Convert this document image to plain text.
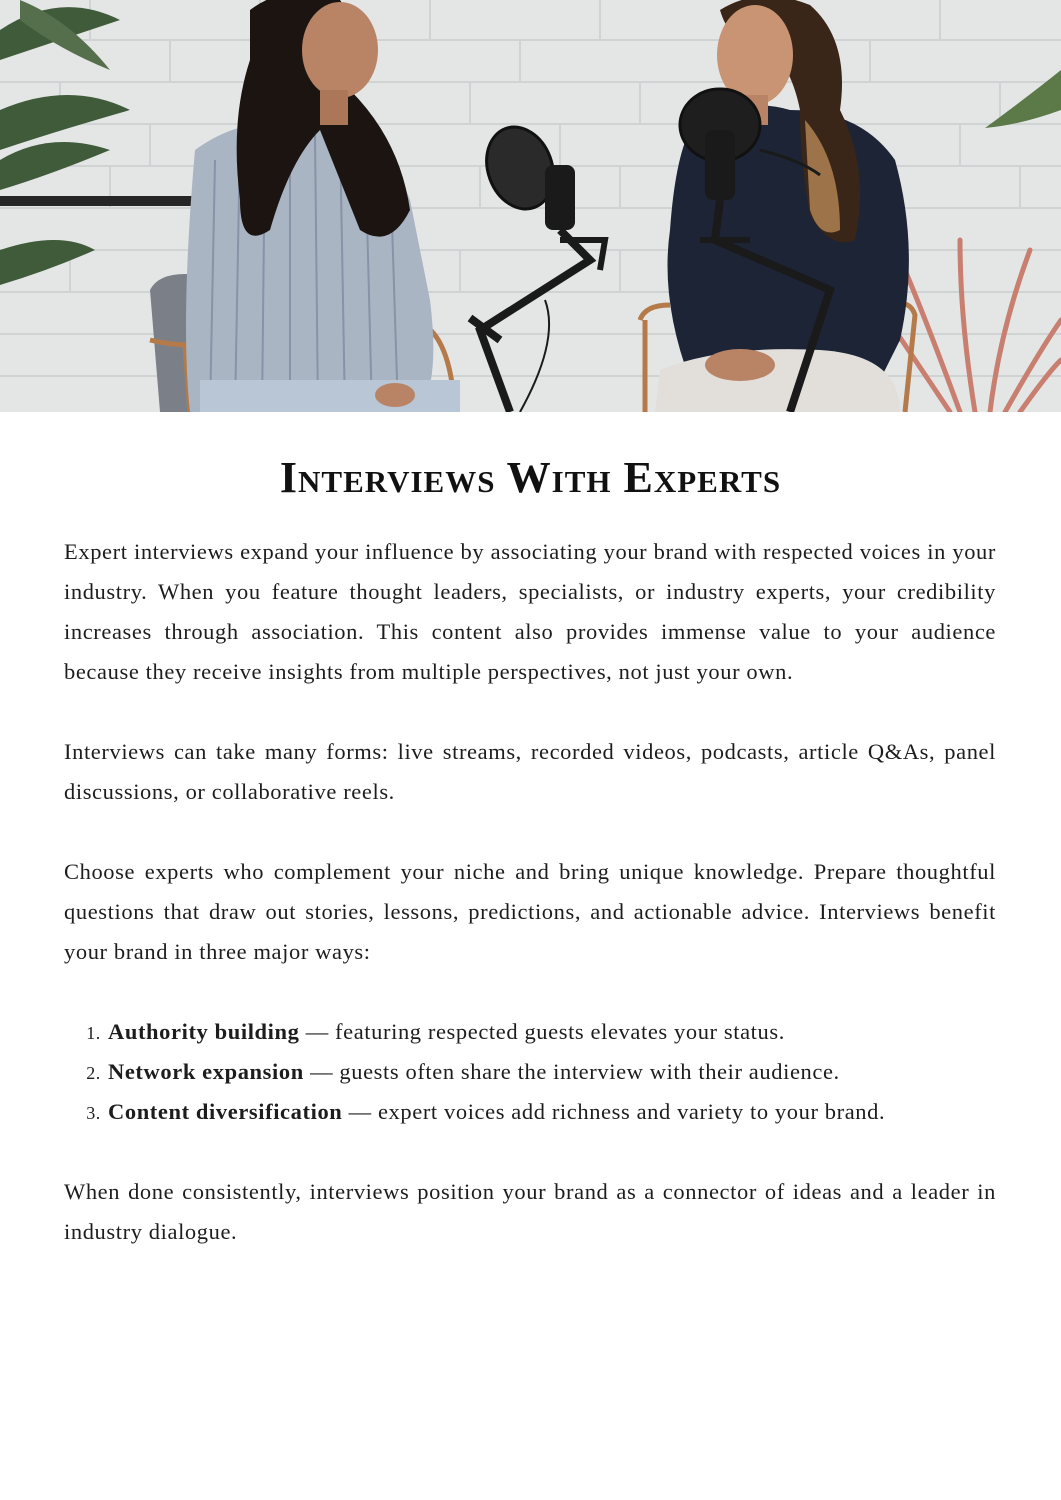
Interviews With Experts

Expert interviews expand your influence by associating your brand with respected voices in your industry. When you feature thought leaders, specialists, or industry experts, your credibility increases through association. This content also provides immense value to your audience because they receive insights from multiple perspectives, not just your own.

Interviews can take many forms: live streams, recorded videos, podcasts, article Q&As, panel discussions, or collaborative reels.

Choose experts who complement your niche and bring unique knowledge. Prepare thoughtful questions that draw out stories, lessons, predictions, and actionable advice. Interviews benefit your brand in three major ways:

1. Authority building — featuring respected guests elevates your status.
2. Network expansion — guests often share the interview with their audience.
3. Content diversification — expert voices add richness and variety to your brand.

When done consistently, interviews position your brand as a connector of ideas and a leader in industry dialogue.
